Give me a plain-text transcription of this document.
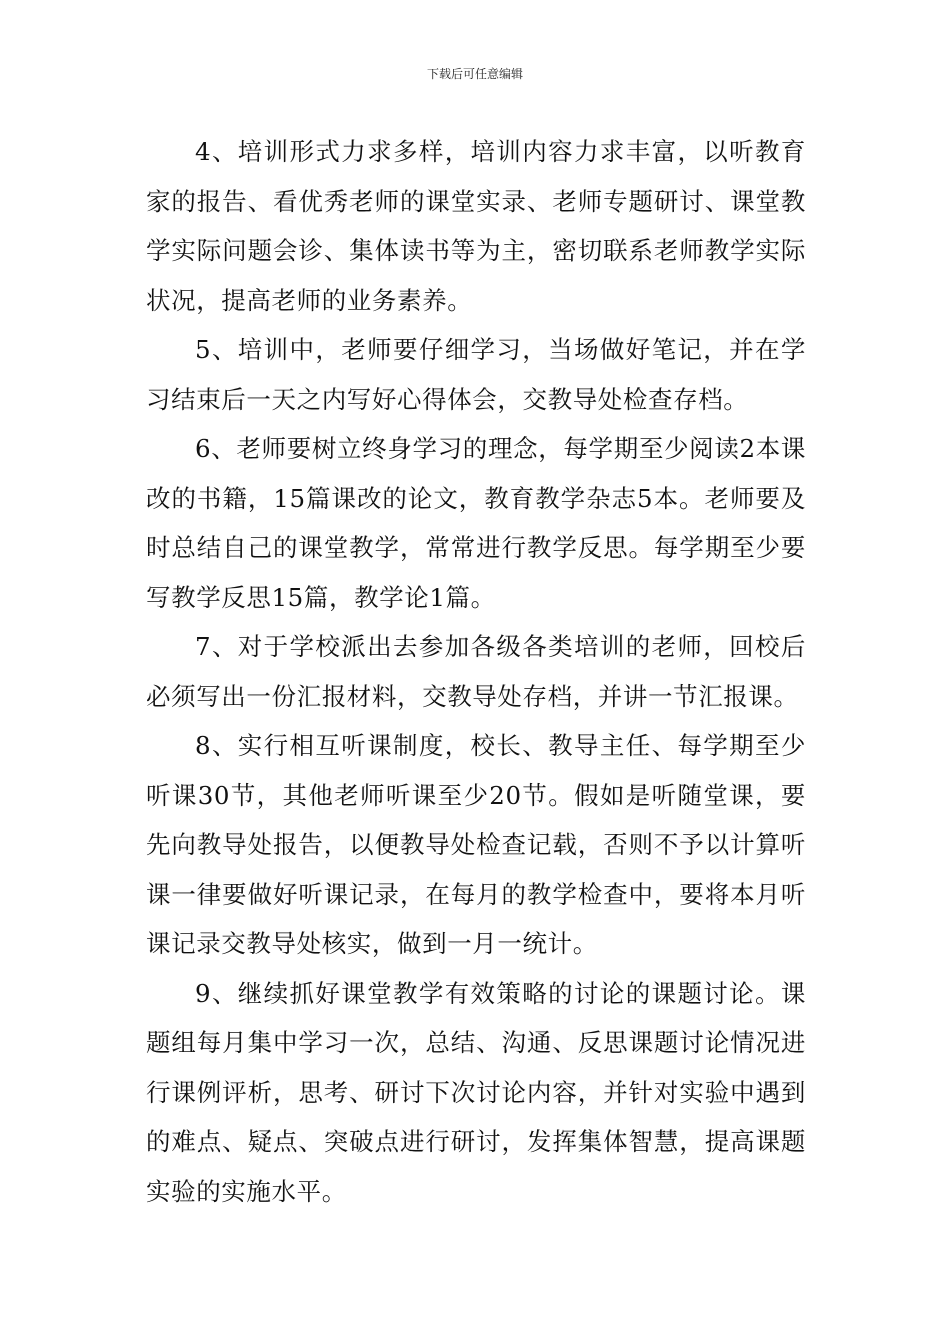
下载后可任意编辑

4、培训形式力求多样，培训内容力求丰富，以听教育家的报告、看优秀老师的课堂实录、老师专题研讨、课堂教学实际问题会诊、集体读书等为主，密切联系老师教学实际状况，提高老师的业务素养。

5、培训中，老师要仔细学习，当场做好笔记，并在学习结束后一天之内写好心得体会，交教导处检查存档。

6、老师要树立终身学习的理念，每学期至少阅读2本课改的书籍，15篇课改的论文，教育教学杂志5本。老师要及时总结自己的课堂教学，常常进行教学反思。每学期至少要写教学反思15篇，教学论1篇。

7、对于学校派出去参加各级各类培训的老师，回校后必须写出一份汇报材料，交教导处存档，并讲一节汇报课。

8、实行相互听课制度，校长、教导主任、每学期至少听课30节，其他老师听课至少20节。假如是听随堂课，要先向教导处报告，以便教导处检查记载，否则不予以计算听课一律要做好听课记录，在每月的教学检查中，要将本月听课记录交教导处核实，做到一月一统计。

9、继续抓好课堂教学有效策略的讨论的课题讨论。课题组每月集中学习一次，总结、沟通、反思课题讨论情况进行课例评析，思考、研讨下次讨论内容，并针对实验中遇到的难点、疑点、突破点进行研讨，发挥集体智慧，提高课题实验的实施水平。
